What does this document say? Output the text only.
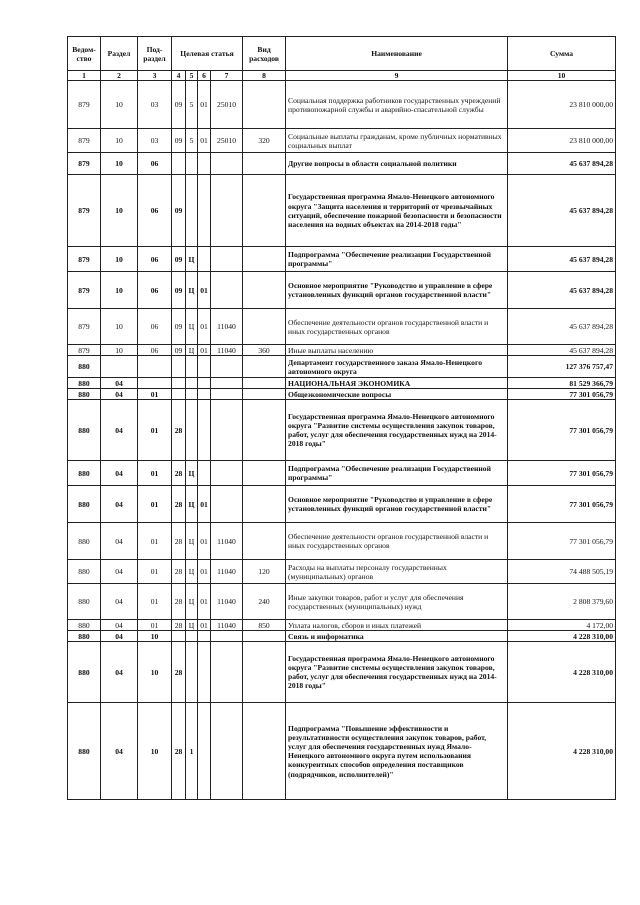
Ведом-ство	Раздел	Под-раздел	Целевая статья				Вид расходов	Наименование	Сумма
1	2	3	4	5	6	7	8	9	10
879	10	03	09	5	01	25010		Социальная поддержка работников государственных учреждений противопожарной службы и аварийно-спасательной службы	23 810 000,00
879	10	03	09	5	01	25010	320	Социальные выплаты гражданам, кроме публичных нормативных социальных выплат	23 810 000,00
879	10	06						Другие вопросы в области социальной политики	45 637 894,28
879	10	06	09					Государственная программа Ямало-Ненецкого автономного округа "Защита населения и территорий от чрезвычайных ситуаций, обеспечение пожарной безопасности и безопасности населения на водных объектах на 2014-2018 годы"	45 637 894,28
879	10	06	09	Ц				Подпрограмма "Обеспечение реализации Государственной программы"	45 637 894,28
879	10	06	09	Ц	01			Основное мероприятие "Руководство и управление в сфере установленных функций органов государственной власти"	45 637 894,28
879	10	06	09	Ц	01	11040		Обеспечение деятельности органов государственной власти и иных государственных органов	45 637 894,28
879	10	06	09	Ц	01	11040	360	Иные выплаты населению	45 637 894,28
880								Департамент государственного заказа Ямало-Ненецкого автономного округа	127 376 757,47
880	04							НАЦИОНАЛЬНАЯ ЭКОНОМИКА	81 529 366,79
880	04	01						Общеэкономические вопросы	77 301 056,79
880	04	01	28					Государственная программа Ямало-Ненецкого автономного округа "Развитие системы осуществления закупок товаров, работ, услуг для обеспечения государственных нужд на 2014-2018 годы"	77 301 056,79
880	04	01	28	Ц				Подпрограмма "Обеспечение реализации Государственной программы"	77 301 056,79
880	04	01	28	Ц	01			Основное мероприятие "Руководство и управление в сфере установленных функций органов государственной власти"	77 301 056,79
880	04	01	28	Ц	01	11040		Обеспечение деятельности органов государственной власти и иных государственных органов	77 301 056,79
880	04	01	28	Ц	01	11040	120	Расходы на выплаты персоналу государственных (муниципальных) органов	74 488 505,19
880	04	01	28	Ц	01	11040	240	Иные закупки товаров, работ и услуг для обеспечения государственных (муниципальных) нужд	2 808 379,60
880	04	01	28	Ц	01	11040	850	Уплата налогов, сборов и иных платежей	4 172,00
880	04	10						Связь и информатика	4 228 310,00
880	04	10	28					Государственная программа Ямало-Ненецкого автономного округа "Развитие системы осуществления закупок товаров, работ, услуг для обеспечения государственных нужд на 2014-2018 годы"	4 228 310,00
880	04	10	28	1				Подпрограмма "Повышение эффективности и результативности осуществления закупок товаров, работ, услуг для обеспечения государственных нужд Ямало-Ненецкого автономного округа путем использования конкурентных способов определения поставщиков (подрядчиков, исполнителей)"	4 228 310,00
